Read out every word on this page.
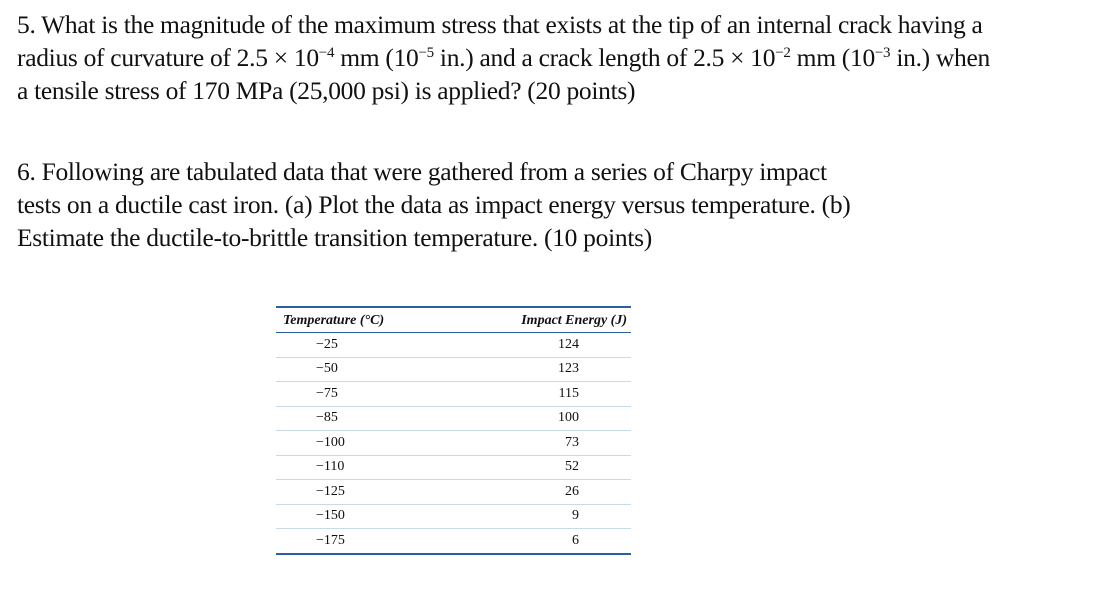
5. What is the magnitude of the maximum stress that exists at the tip of an internal crack having a
radius of curvature of $2.5 \times 10^{-4}$ mm ($10^{-5}$ in.) and a crack length of $2.5 \times 10^{-2}$ mm ($10^{-3}$ in.) when
a tensile stress of 170 MPa (25,000 psi) is applied? (20 points)
6. Following are tabulated data that were gathered from a series of Charpy impact
tests on a ductile cast iron. (a) Plot the data as impact energy versus temperature. (b)
Estimate the ductile-to-brittle transition temperature. (10 points)
Temperature (°C)	Impact Energy (J)
−25	124
−50	123
−75	115
−85	100
−100	73
−110	52
−125	26
−150	9
−175	6
